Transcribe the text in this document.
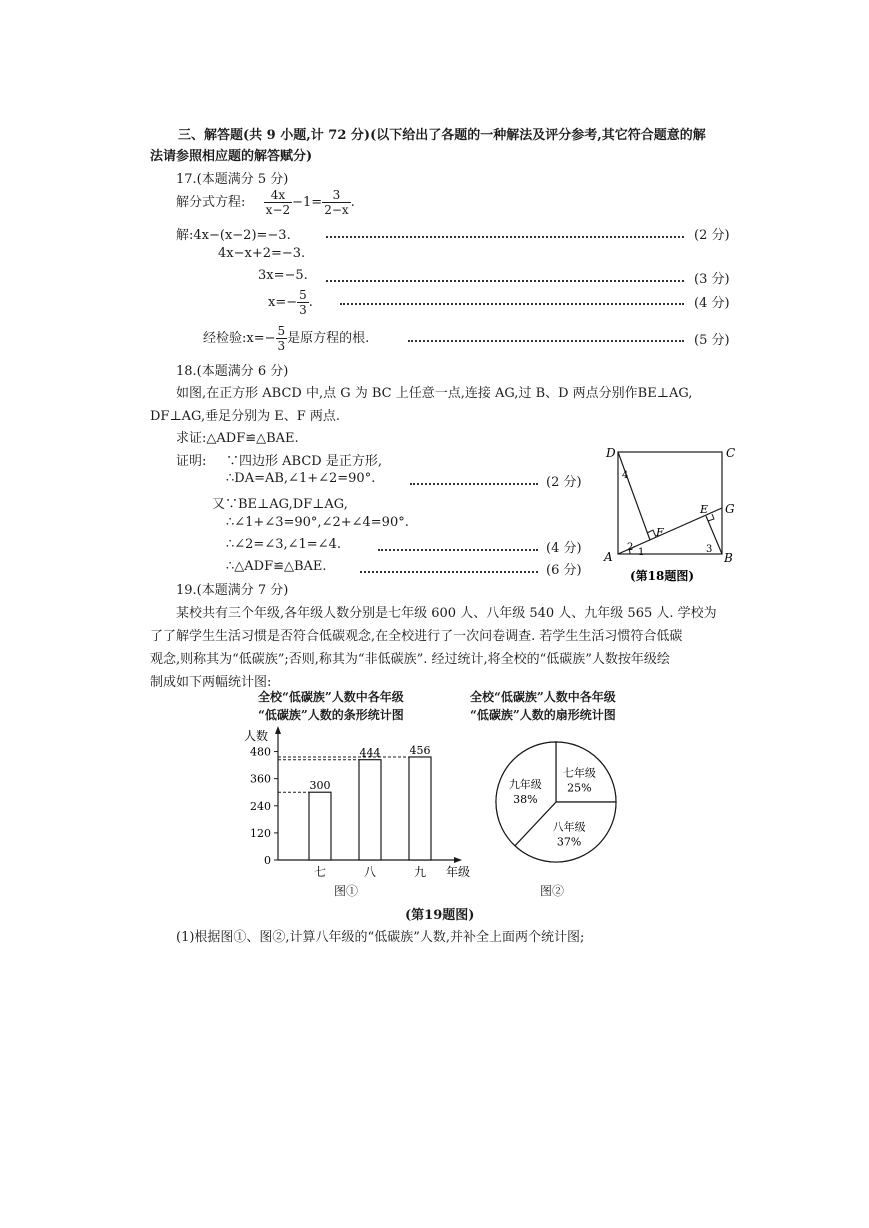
三、解答题(共 9 小题,计 72 分)(以下给出了各题的一种解法及评分参考,其它符合题意的解
法请参照相应题的解答赋分)
17.(本题满分 5 分)
解分式方程: $\frac{4x}{x-2} -1= \frac{3}{2-x}$ .
解:4x−(x−2)=−3.	(2 分)
4x−x+2=−3.
3x=−5.	(3 分)
$x=- \frac{5}{3}$ .	(4 分)
经检验:x=− $\frac{5}{3}$ 是原方程的根.	(5 分)
18.(本题满分 6 分)
如图,在正方形 ABCD 中,点 G 为 BC 上任意一点,连接 AG,过 B、D 两点分别作BE⊥AG,
DF⊥AG,垂足分别为 E、F 两点.
求证:△ADF≌△BAE.
证明: ∵四边形 ABCD 是正方形,
∴DA=AB,∠1+∠2=90°.	(2 分)
又∵BE⊥AG,DF⊥AG,
∴∠1+∠3=90°,∠2+∠4=90°.
∴∠2=∠3,∠1=∠4.	(4 分)
∴△ADF≌△BAE.	(6 分)
D	C
A	B
G
E
F
4
2 1	3
(第18题图)
19.(本题满分 7 分)
某校共有三个年级,各年级人数分别是七年级 600 人、八年级 540 人、九年级 565 人. 学校为
了了解学生生活习惯是否符合低碳观念,在全校进行了一次问卷调查. 若学生生活习惯符合低碳
观念,则称其为“低碳族”;否则,称其为“非低碳族”. 经过统计,将全校的“低碳族”人数按年级绘
制成如下两幅统计图:
全校“低碳族”人数中各年级
“低碳族”人数的条形统计图
全校“低碳族”人数中各年级
“低碳族”人数的扇形统计图
人数
年级
0
120
240
360
480
300
七
444
八
456
九
图①
七年级
25%
八年级
37%
九年级
38%
图②
(第19题图)
(1)根据图①、图②,计算八年级的“低碳族”人数,并补全上面两个统计图;
